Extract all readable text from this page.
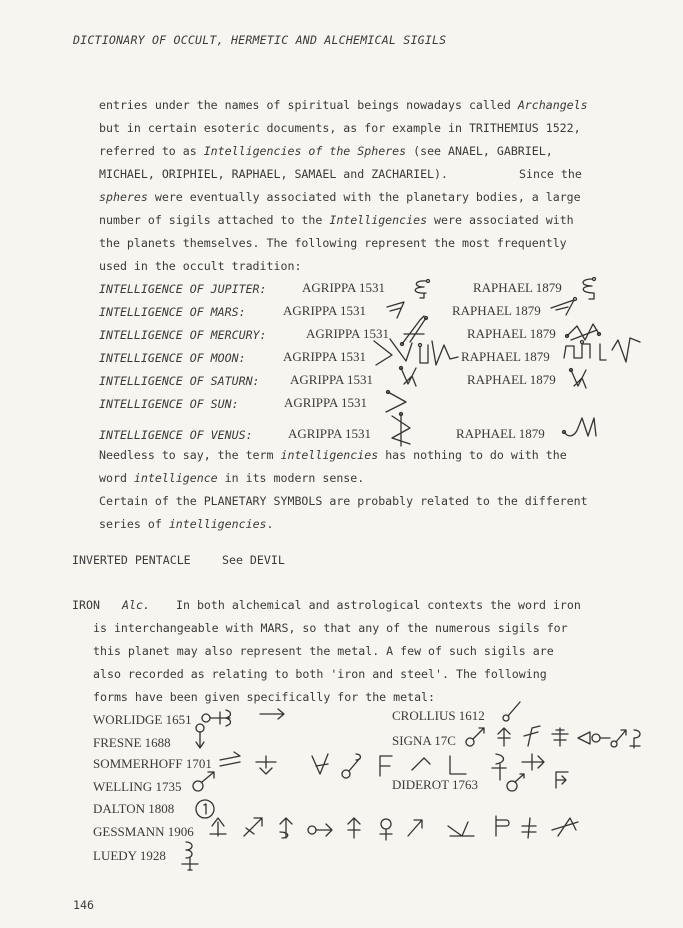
DICTIONARY OF OCCULT, HERMETIC AND ALCHEMICAL SIGILS
entries under the names of spiritual beings nowadays called Archangels
but in certain esoteric documents, as for example in TRITHEMIUS 1522,
referred to as Intelligencies of the Spheres (see ANAEL, GABRIEL,
MICHAEL, ORIPHIEL, RAPHAEL, SAMAEL and ZACHARIEL).	Since the
spheres were eventually associated with the planetary bodies, a large
number of sigils attached to the Intelligencies were associated with
the planets themselves. The following represent the most frequently
used in the occult tradition:
INTELLIGENCE OF JUPITER:	AGRIPPA 1531	RAPHAEL 1879
INTELLIGENCE OF MARS:	AGRIPPA 1531	RAPHAEL 1879
INTELLIGENCE OF MERCURY:	AGRIPPA 1531	RAPHAEL 1879
INTELLIGENCE OF MOON:	AGRIPPA 1531	RAPHAEL 1879
INTELLIGENCE OF SATURN: AGRIPPA 1531	RAPHAEL 1879
INTELLIGENCE OF SUN:	AGRIPPA 1531
INTELLIGENCE OF VENUS:	AGRIPPA 1531	RAPHAEL 1879
Needless to say, the term intelligencies has nothing to do with the
word intelligence in its modern sense.
Certain of the PLANETARY SYMBOLS are probably related to the different
series of intelligencies.
INVERTED PENTACLE	See DEVIL
IRON Alc. In both alchemical and astrological contexts the word iron
is interchangeable with MARS, so that any of the numerous sigils for
this planet may also represent the metal. A few of such sigils are
also recorded as relating to both 'iron and steel'. The following
forms have been given specifically for the metal:
WORLIDGE 1651	CROLLIUS 1612
FRESNE 1688	SIGNA 17C
SOMMERHOFF 1701
WELLING 1735	DIDEROT 1763
DALTON 1808
GESSMANN 1906
LUEDY 1928
146
